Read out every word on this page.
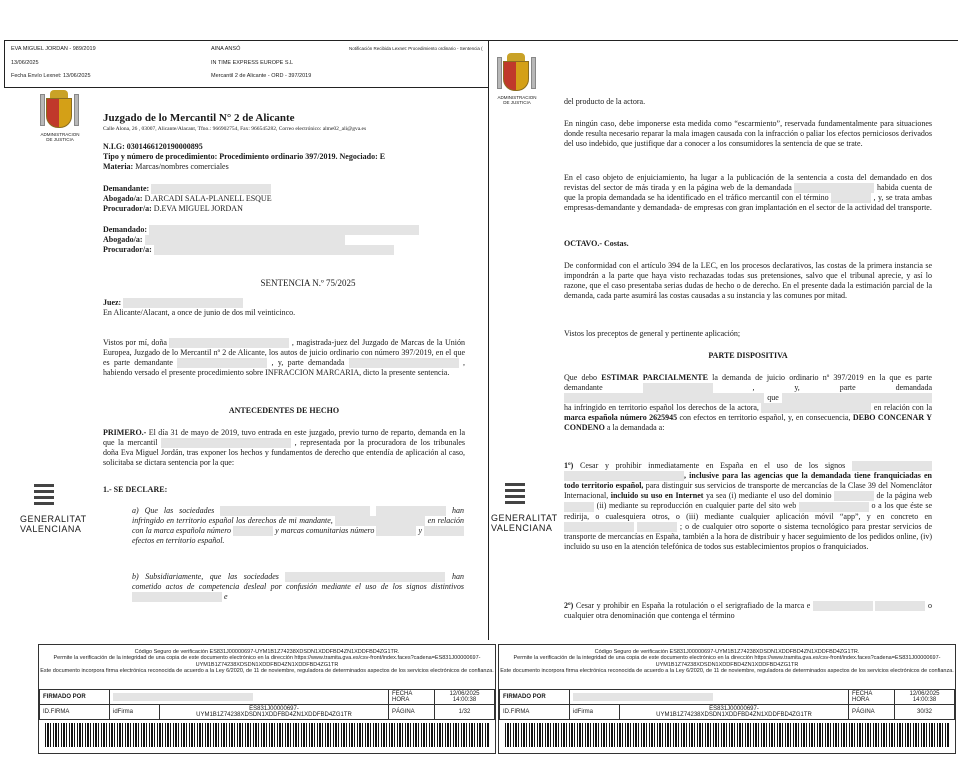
EVA MIGUEL JORDAN - 989/2019
13/06/2025
Fecha Envío Lexnet: 13/06/2025
AINA ANSÓ
IN TIME EXPRESS EUROPE S.L
Mercantil 2 de Alicante - ORD - 397/2019
Notificación Recibida Lexnet: Procedimiento ordinario - Sentencia (
ADMINISTRACION
DE JUSTICIA
Juzgado de lo Mercantil N° 2 de Alicante
Calle Alona, 26 , 03007, Alicante/Alacant, Tfno.: 966902754, Fax: 966545282, Correo electrónico: alme02_ali@gva.es
N.I.G: 0301466120190000895
Tipo y número de procedimiento: Procedimiento ordinario 397/2019. Negociado: E
Materia: Marcas/nombres comerciales
Demandante:
Abogado/a: D.ARCADI SALA-PLANELL ESQUE
Procurador/a: D.EVA MIGUEL JORDAN
Demandado:
Abogado/a:
Procurador/a:
SENTENCIA N.º 75/2025
Juez:
En Alicante/Alacant, a once de junio de dos mil veinticinco.
Vistos por mí, doña	, magistrada-juez del Juzgado de Marcas de la Unión Europea, Juzgado de lo Mercantil nº 2 de Alicante, los autos de juicio ordinario con número 397/2019, en el que es parte demandante	, y, parte demandada	, habiendo versado el presente procedimiento sobre INFRACCION MARCARIA, dicto la presente sentencia.
ANTECEDENTES DE HECHO
PRIMERO.- El día 31 de mayo de 2019, tuvo entrada en este juzgado, previo turno de reparto, demanda en la que la mercantil	, representada por la procuradora de los tribunales doña Eva Miguel Jordán, tras exponer los hechos y fundamentos de derecho que entendía de aplicación al caso, solicitaba se dictara sentencia por la que:
1.- SE DECLARE:
a) Que las sociedades	han infringido en territorio español los derechos de mi mandante,	en relación con la marca española número	y marcas comunitarias número	y  efectos en territorio español.
b) Subsidiariamente, que las sociedades	han cometido actos de competencia desleal por confusión mediante el uso de los signos distintivos  e
GENERALITAT
VALENCIANA
ADMINISTRACION
DE JUSTICIA	del producto de la actora.
En ningún caso, debe imponerse esta medida como “escarmiento”, reservada fundamentalmente para situaciones donde resulta necesario reparar la mala imagen causada con la infracción o paliar los efectos perniciosos derivados del uso indebido, que justifique dar a conocer a los consumidores la sentencia de que se trate.
En el caso objeto de enjuiciamiento, ha lugar a la publicación de la sentencia a costa del demandado en dos revistas del sector de más tirada y en la página web de la demandada	habida cuenta de que la propia demandada se ha identificado en el tráfico mercantil con el término	, y, se trata ambas empresas-demandante y demandada- de empresas con gran implantación en el sector de la actividad del transporte.
OCTAVO.- Costas.
De conformidad con el artículo 394 de la LEC, en los procesos declarativos, las costas de la primera instancia se impondrán a la parte que haya visto rechazadas todas sus pretensiones, salvo que el tribunal aprecie, y así lo razone, que el caso presentaba serias dudas de hecho o de derecho. En el presente dada la estimación parcial de la demanda, cada parte asumirá las costas causadas a su instancia y las comunes por mitad.
Vistos los preceptos de general y pertinente aplicación;
PARTE DISPOSITIVA
Que debo ESTIMAR PARCIALMENTE la demanda de juicio ordinario nº 397/2019 en la que es parte demandante	, y, parte demandada  que  ha infringido en territorio español los derechos de la actora,	en relación con la marca española número 2625945 con efectos en territorio español, y, en consecuencia, DEBO CONCENAR Y CONDENO a la demandada a:
1º) Cesar y prohibir inmediatamente en España en el uso de los signos  , inclusive para las agencias que la demandada tiene franquiciadas en todo territorio español, para distinguir sus servicios de transporte de mercancías de la Clase 39 del Nomenclátor Internacional, incluido su uso en Internet ya sea (i) mediante el uso del dominio	de la página web  (ii) mediante su reproducción en cualquier parte del sito web	o a los que éste se redirija, o cualesquiera otros, o (iii) mediante cualquier aplicación móvil “app”, y en concreto en   ; o de cualquier otro soporte o sistema tecnológico para prestar servicios de transporte de mercancías en España, también a la hora de distribuir y hacer seguimiento de los pedidos online, (iv) incluido su uso en la atención telefónica de todos sus establecimientos propios o franquiciados.
2º) Cesar y prohibir en España la rotulación o el serigrafiado de la marca e	o cualquier otra denominación que contenga el término
GENERALITAT
VALENCIANA
Código Seguro de verificación ES831J00000697-UYM1B1Z74238XDSDN1XDDFBD4ZN1XDDFBD4ZG1TR.
Permite la verificación de la integridad de una copia de este documento electrónico en la dirección https://www.tramita.gva.es/csv-front/index.faces?cadena=ES831J00000697-UYM1B1Z74238XDSDN1XDDFBD4ZN1XDDFBD4ZG1TR
Este documento incorpora firma electrónica reconocida de acuerdo a la Ley 6/2020, de 11 de noviembre, reguladora de determinados aspectos de los servicios electrónicos de confianza.
FIRMADO POR			FECHA
HORA	12/06/2025
14:00:38
ID.FIRMA	idFirma	ES831J00000697-
UYM1B1Z74238XDSDN1XDDFBD4ZN1XDDFBD4ZG1TR	PÁGINA	1/32
Código Seguro de verificación ES831J00000697-UYM1B1Z74238XDSDN1XDDFBD4ZN1XDDFBD4ZG1TR.
Permite la verificación de la integridad de una copia de este documento electrónico en la dirección https://www.tramita.gva.es/csv-front/index.faces?cadena=ES831J00000697-UYM1B1Z74238XDSDN1XDDFBD4ZN1XDDFBD4ZG1TR
Este documento incorpora firma electrónica reconocida de acuerdo a la Ley 6/2020, de 11 de noviembre, reguladora de determinados aspectos de los servicios electrónicos de confianza.
FIRMADO POR			FECHA
HORA	12/06/2025
14:00:38
ID.FIRMA	idFirma	ES831J00000697-
UYM1B1Z74238XDSDN1XDDFBD4ZN1XDDFBD4ZG1TR	PÁGINA	30/32
